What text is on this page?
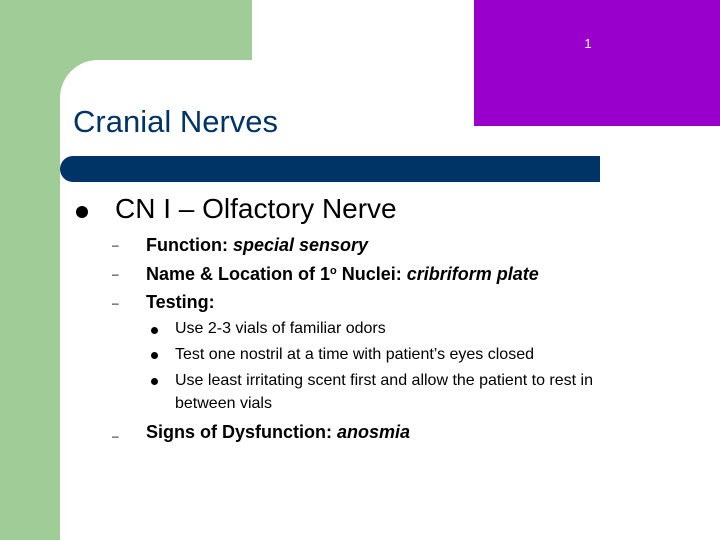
1
Cranial Nerves
CN I – Olfactory Nerve
– Function: special sensory
– Name & Location of 1$^o$ Nuclei: cribriform plate
– Testing:
Use 2-3 vials of familiar odors
Test one nostril at a time with patient’s eyes closed
Use least irritating scent first and allow the patient to rest in
between vials
– Signs of Dysfunction: anosmia
